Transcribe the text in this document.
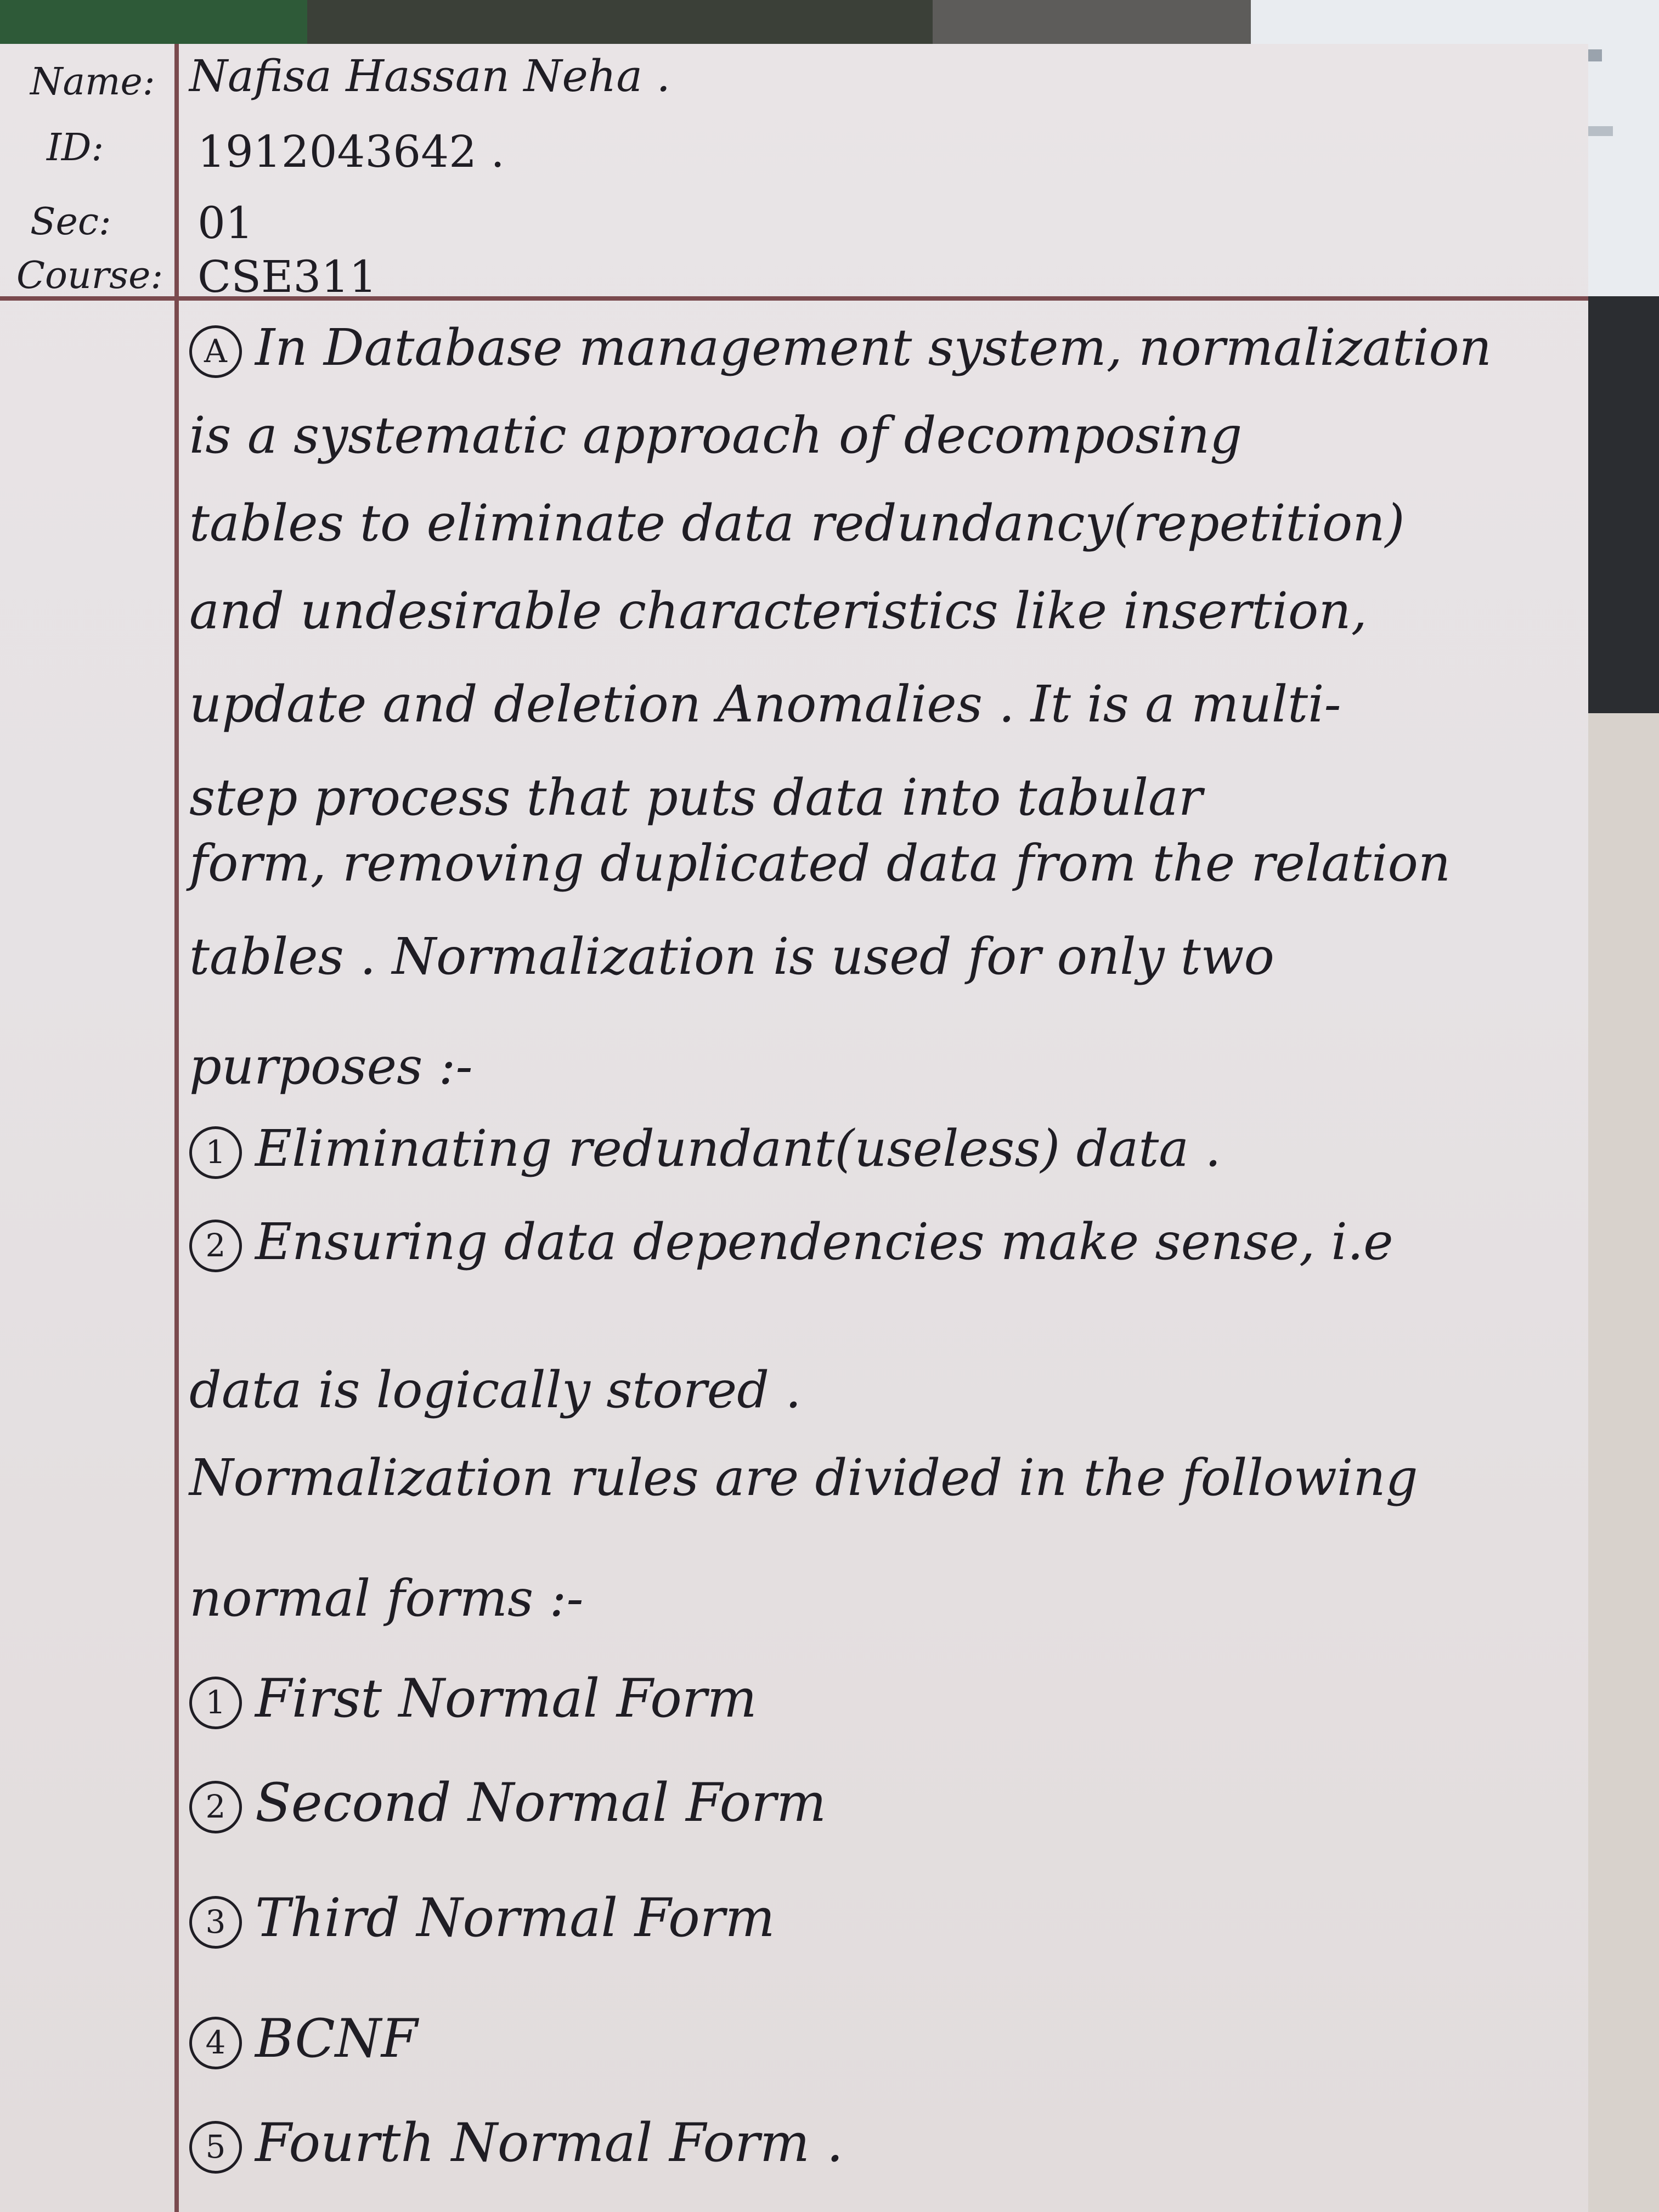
Name: Nafisa Hassan Neha .
ID: 1912043642 .
Sec: 01
Course: CSE311
A In Database management system, normalization
is a systematic approach of decomposing
tables to eliminate data redundancy(repetition)
and undesirable characteristics like insertion,
update and deletion Anomalies . It is a multi-
step process that puts data into tabular
form, removing duplicated data from the relation
tables . Normalization is used for only two
purposes :-
1 Eliminating redundant(useless) data .
2 Ensuring data dependencies make sense, i.e
data is logically stored .
Normalization rules are divided in the following
normal forms :-
1 First Normal Form
2 Second Normal Form
3 Third Normal Form
4 BCNF
5 Fourth Normal Form .
